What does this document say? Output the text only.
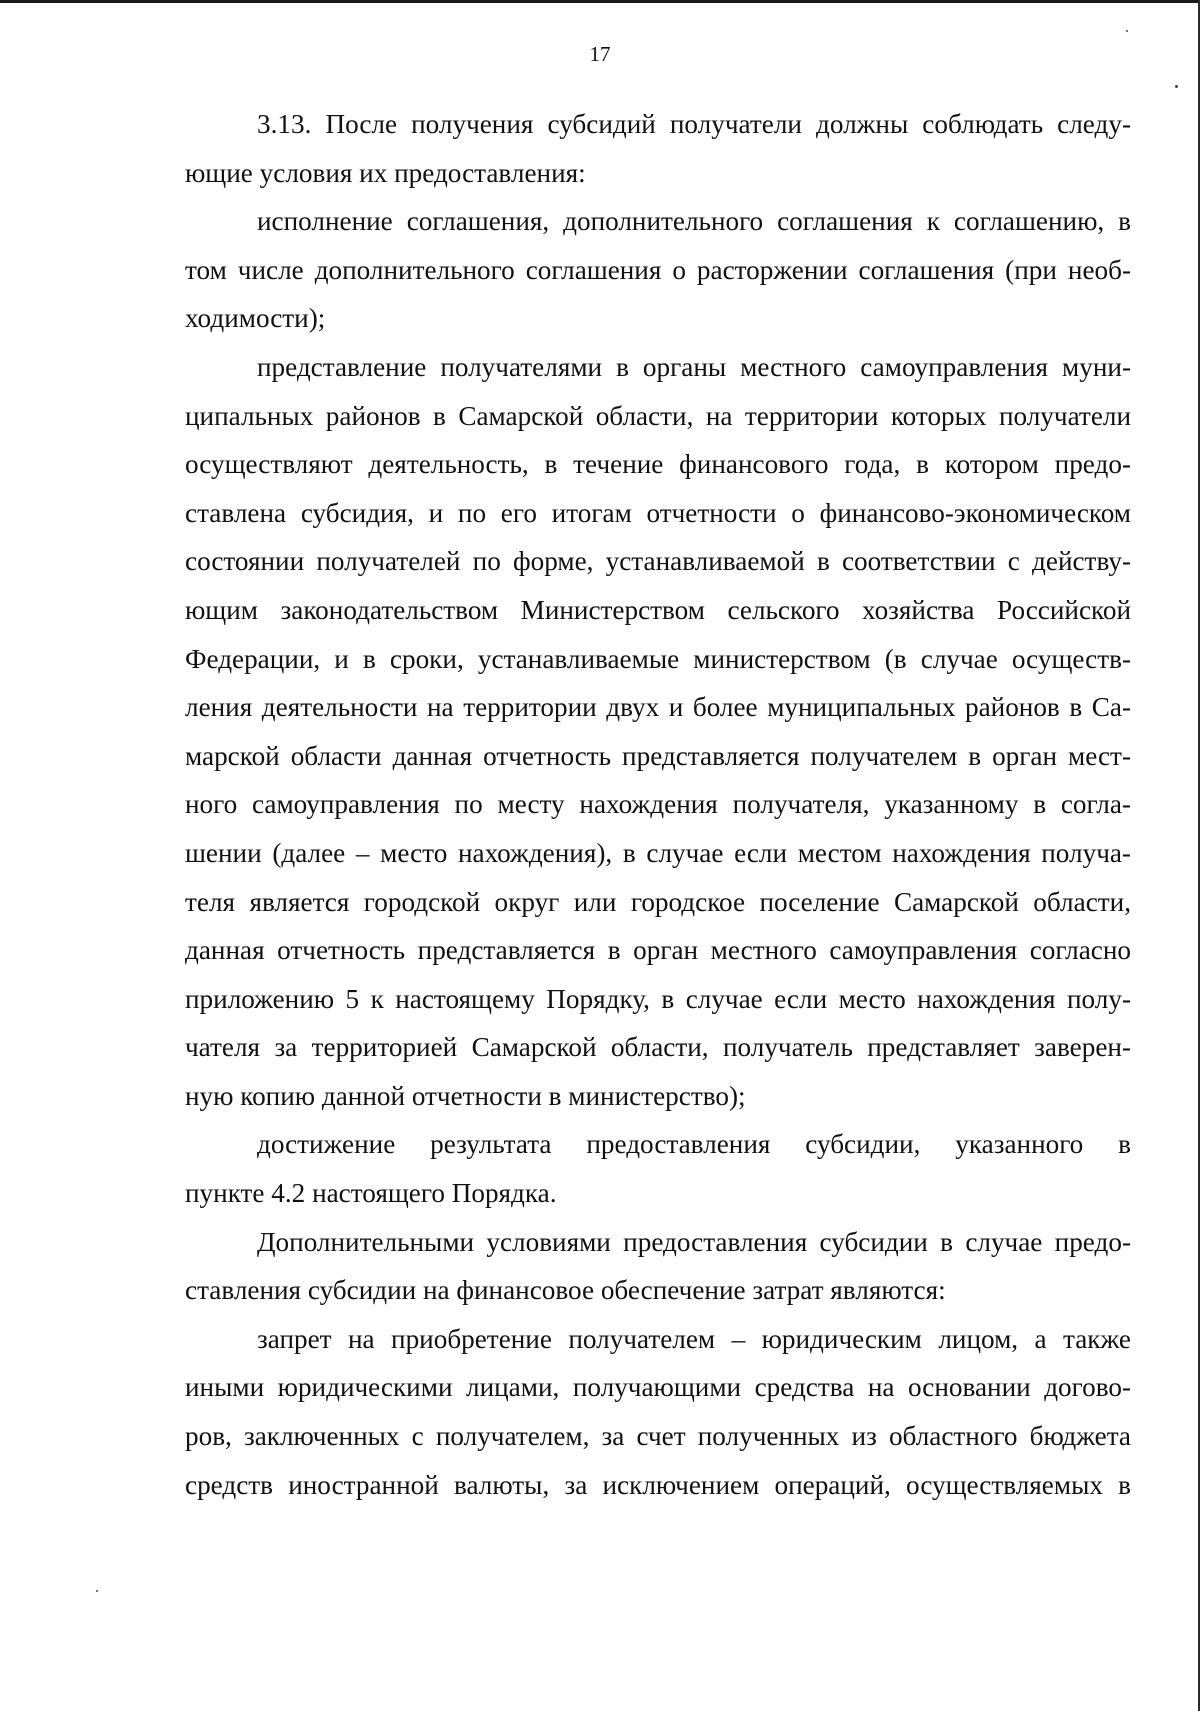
17
3.13. После получения субсидий получатели должны соблюдать следу-
ющие условия их предоставления:
исполнение соглашения, дополнительного соглашения к соглашению, в
том числе дополнительного соглашения о расторжении соглашения (при необ-
ходимости);
представление получателями в органы местного самоуправления муни-
ципальных районов в Самарской области, на территории которых получатели
осуществляют деятельность, в течение финансового года, в котором предо-
ставлена субсидия, и по его итогам отчетности о финансово-экономическом
состоянии получателей по форме, устанавливаемой в соответствии с действу-
ющим законодательством Министерством сельского хозяйства Российской
Федерации, и в сроки, устанавливаемые министерством (в случае осуществ-
ления деятельности на территории двух и более муниципальных районов в Са-
марской области данная отчетность представляется получателем в орган мест-
ного самоуправления по месту нахождения получателя, указанному в согла-
шении (далее – место нахождения), в случае если местом нахождения получа-
теля является городской округ или городское поселение Самарской области,
данная отчетность представляется в орган местного самоуправления согласно
приложению 5 к настоящему Порядку, в случае если место нахождения полу-
чателя за территорией Самарской области, получатель представляет заверен-
ную копию данной отчетности в министерство);
достижение результата предоставления субсидии, указанного в
пункте 4.2 настоящего Порядка.
Дополнительными условиями предоставления субсидии в случае предо-
ставления субсидии на финансовое обеспечение затрат являются:
запрет на приобретение получателем – юридическим лицом, а также
иными юридическими лицами, получающими средства на основании догово-
ров, заключенных с получателем, за счет полученных из областного бюджета
средств иностранной валюты, за исключением операций, осуществляемых в
